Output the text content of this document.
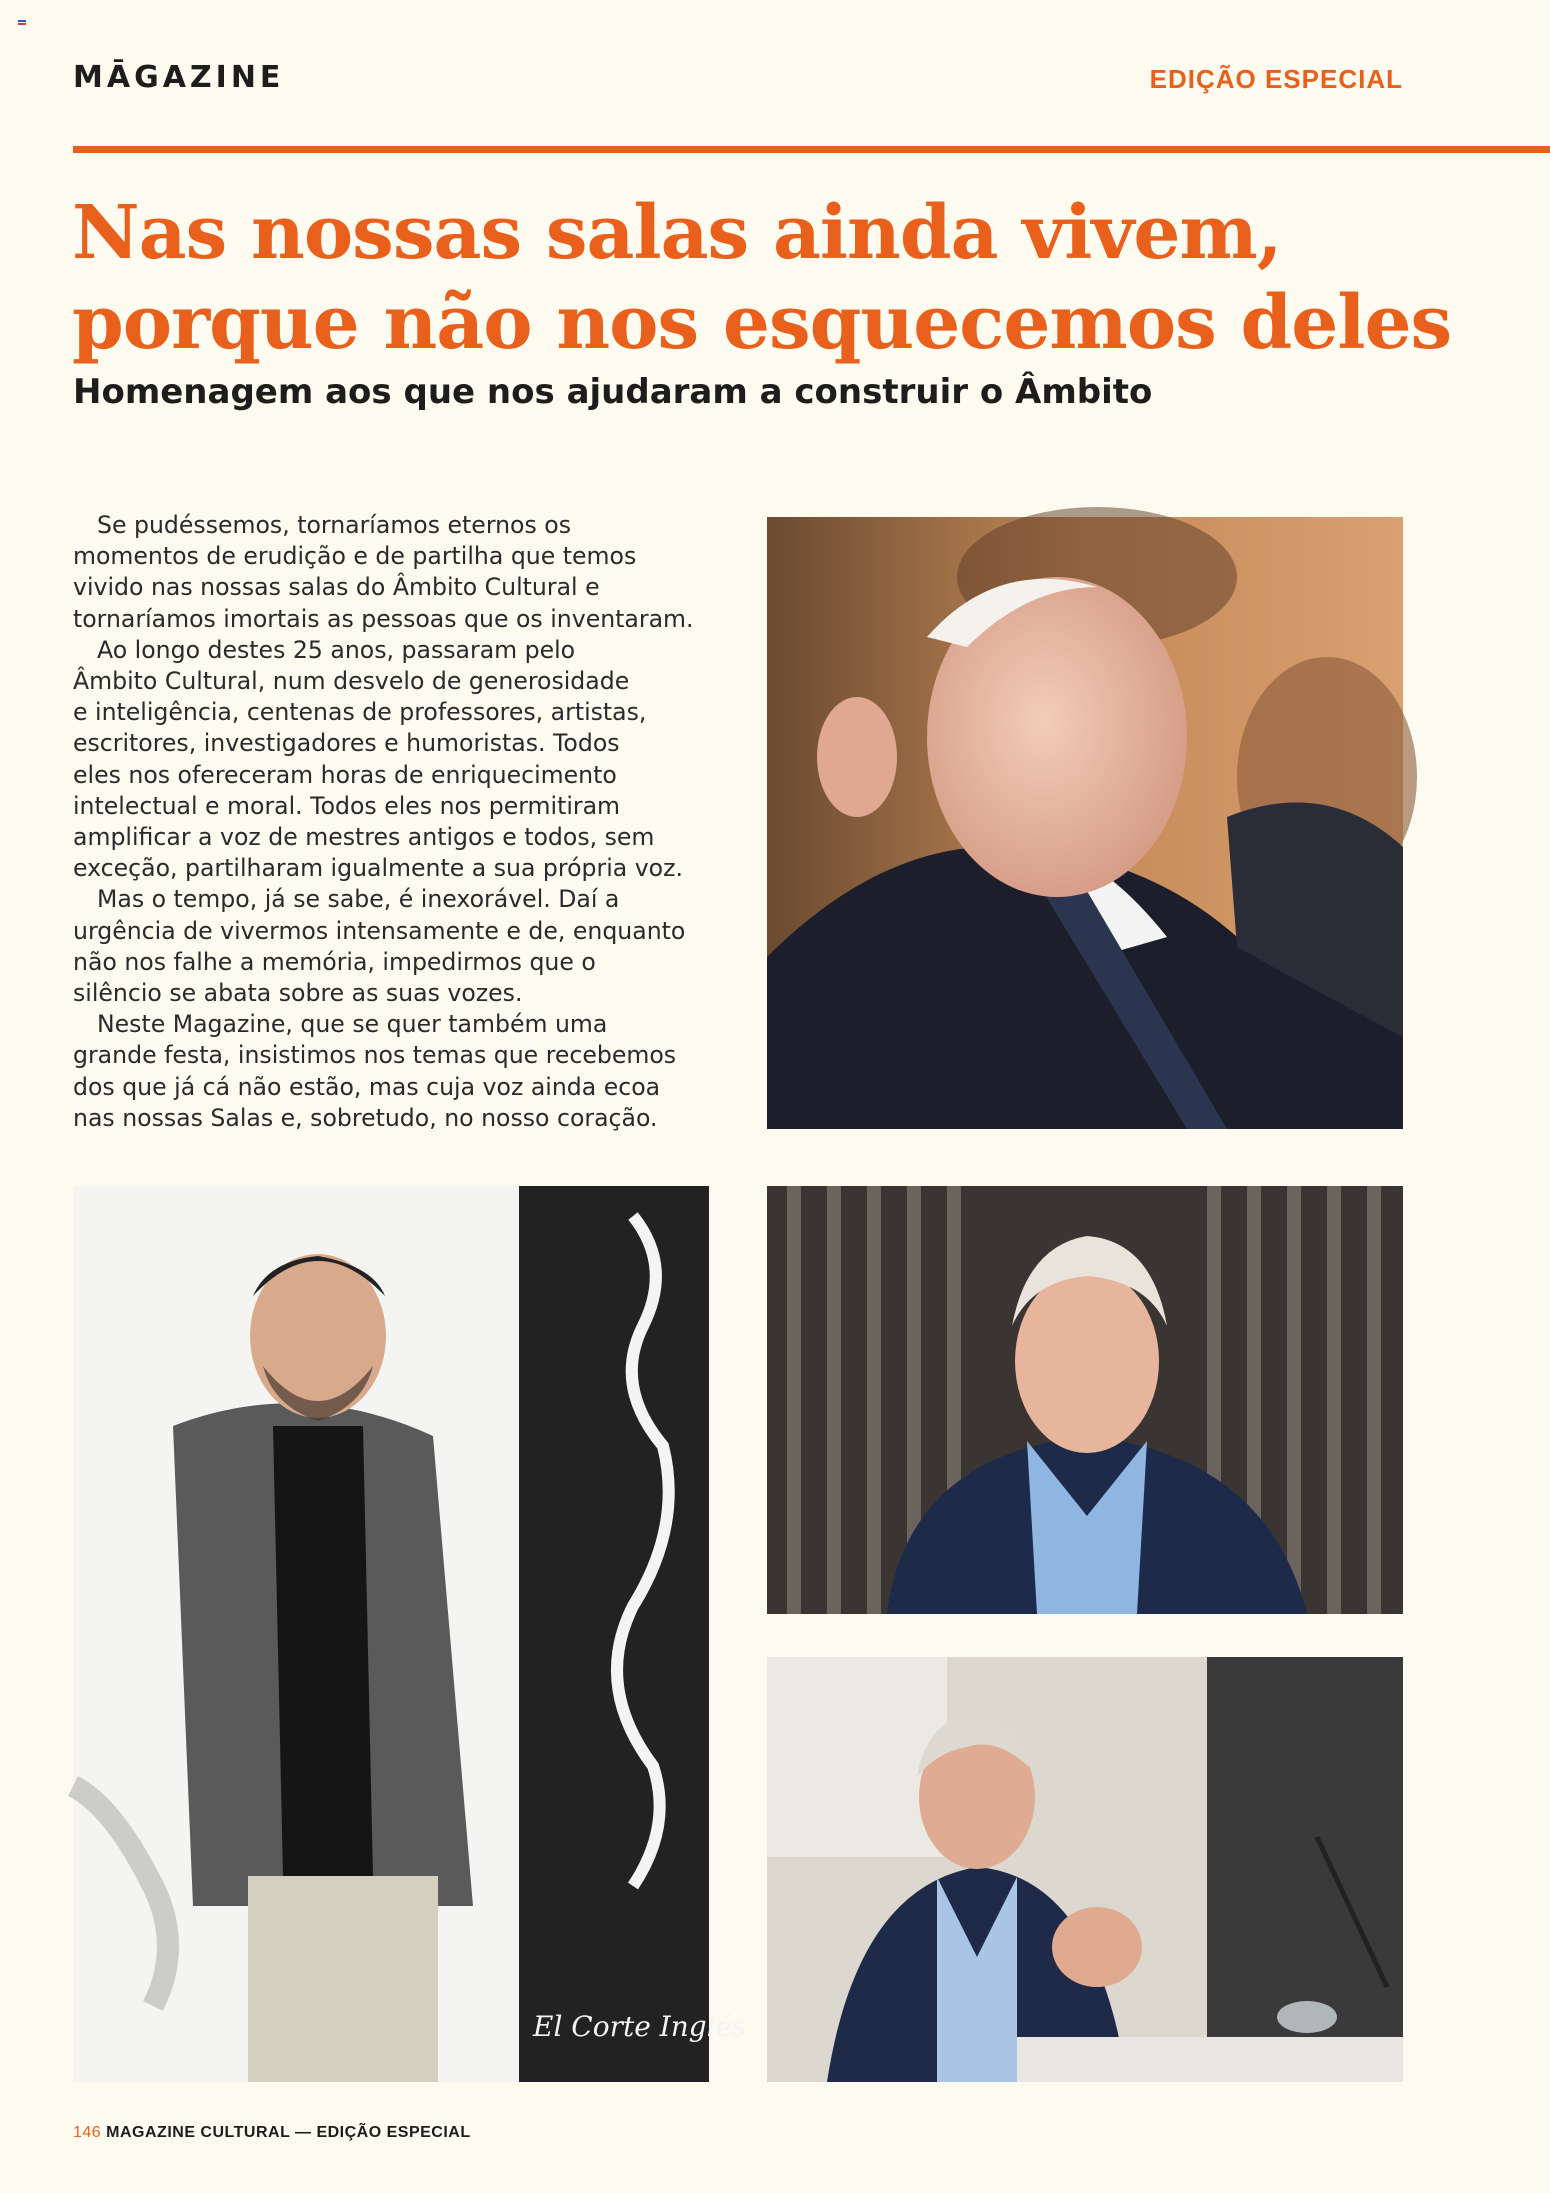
MĀGAZINE	EDIÇÃO ESPECIAL
Nas nossas salas ainda vivem,
porque não nos esquecemos deles
Homenagem aos que nos ajudaram a construir o Âmbito

Se pudéssemos, tornaríamos eternos os
momentos de erudição e de partilha que temos
vivido nas nossas salas do Âmbito Cultural e
tornaríamos imortais as pessoas que os inventaram.

Ao longo destes 25 anos, passaram pelo
Âmbito Cultural, num desvelo de generosidade
e inteligência, centenas de professores, artistas,
escritores, investigadores e humoristas. Todos
eles nos ofereceram horas de enriquecimento
intelectual e moral. Todos eles nos permitiram
amplificar a voz de mestres antigos e todos, sem
exceção, partilharam igualmente a sua própria voz.

Mas o tempo, já se sabe, é inexorável. Daí a
urgência de vivermos intensamente e de, enquanto
não nos falhe a memória, impedirmos que o
silêncio se abata sobre as suas vozes.

Neste Magazine, que se quer também uma
grande festa, insistimos nos temas que recebemos
dos que já cá não estão, mas cuja voz ainda ecoa
nas nossas Salas e, sobretudo, no nosso coração.

El Corte Inglés
146 MAGAZINE CULTURAL — EDIÇÃO ESPECIAL
